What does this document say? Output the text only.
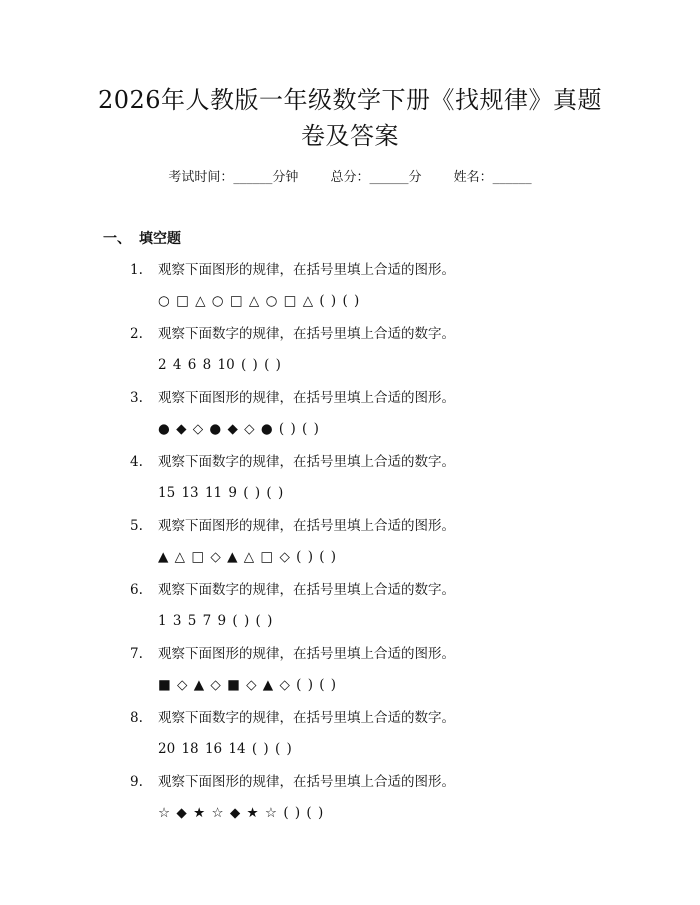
2026年人教版一年级数学下册《找规律》真题卷及答案
考试时间：______分钟 总分：______分 姓名：______
一、 填空题
1. 观察下面图形的规律，在括号里填上合适的图形。
○ □ △ ○ □ △ ○ □ △ ( ) ( )
2. 观察下面数字的规律，在括号里填上合适的数字。
2 4 6 8 10 ( ) ( )
3. 观察下面图形的规律，在括号里填上合适的图形。
● ◆ ◇ ● ◆ ◇ ● ( ) ( )
4. 观察下面数字的规律，在括号里填上合适的数字。
15 13 11 9 ( ) ( )
5. 观察下面图形的规律，在括号里填上合适的图形。
▲ △ □ ◇ ▲ △ □ ◇ ( ) ( )
6. 观察下面数字的规律，在括号里填上合适的数字。
1 3 5 7 9 ( ) ( )
7. 观察下面图形的规律，在括号里填上合适的图形。
■ ◇ ▲ ◇ ■ ◇ ▲ ◇ ( ) ( )
8. 观察下面数字的规律，在括号里填上合适的数字。
20 18 16 14 ( ) ( )
9. 观察下面图形的规律，在括号里填上合适的图形。
☆ ◆ ★ ☆ ◆ ★ ☆ ( ) ( )
